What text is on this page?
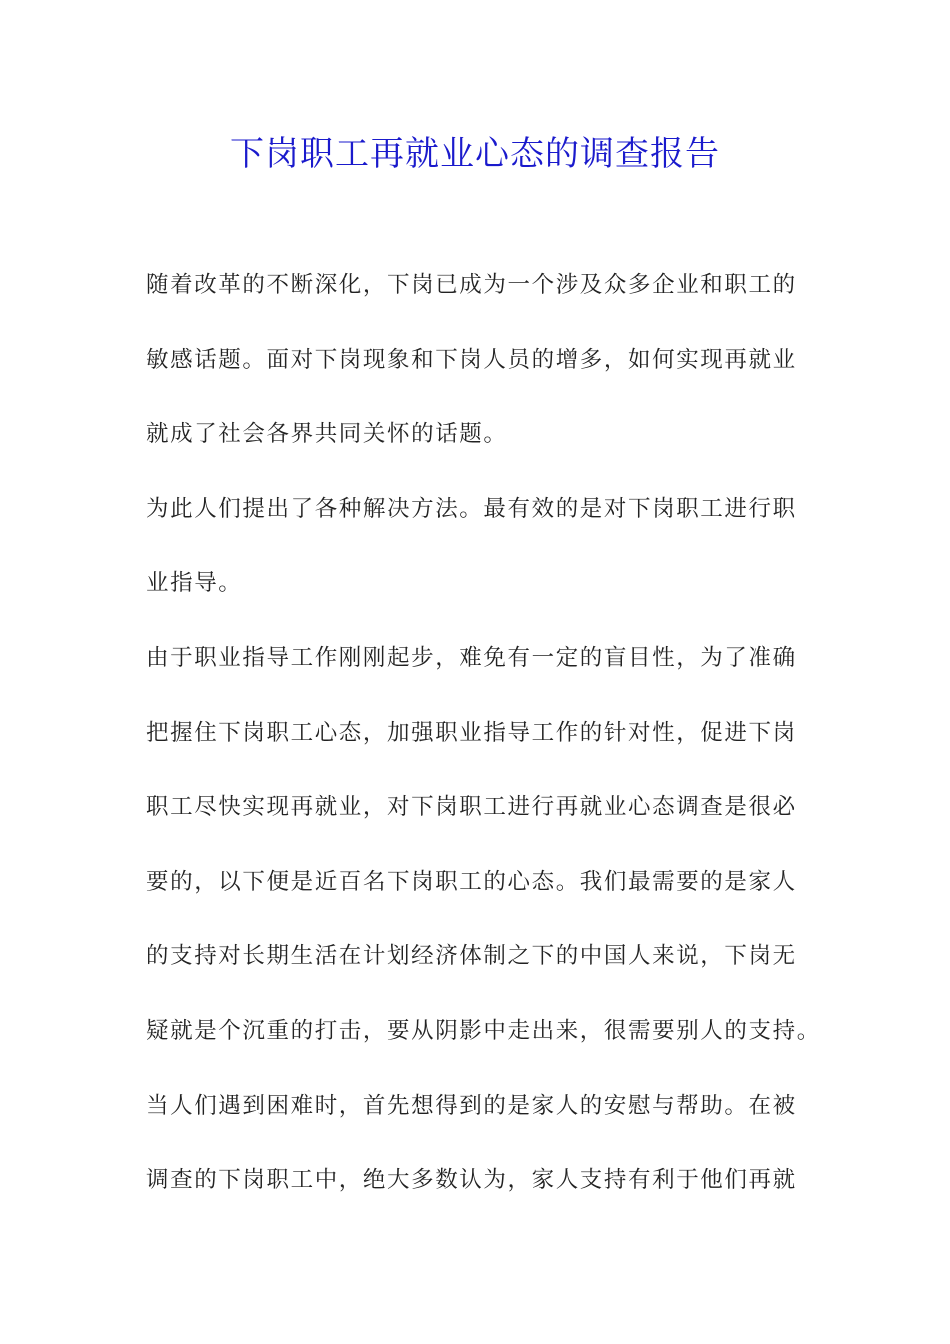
下岗职工再就业心态的调查报告
随着改革的不断深化，下岗已成为一个涉及众多企业和职工的
敏感话题。面对下岗现象和下岗人员的增多，如何实现再就业
就成了社会各界共同关怀的话题。
为此人们提出了各种解决方法。最有效的是对下岗职工进行职
业指导。
由于职业指导工作刚刚起步，难免有一定的盲目性，为了准确
把握住下岗职工心态，加强职业指导工作的针对性，促进下岗
职工尽快实现再就业，对下岗职工进行再就业心态调查是很必
要的，以下便是近百名下岗职工的心态。我们最需要的是家人
的支持对长期生活在计划经济体制之下的中国人来说，下岗无
疑就是个沉重的打击，要从阴影中走出来，很需要别人的支持。
当人们遇到困难时，首先想得到的是家人的安慰与帮助。在被
调查的下岗职工中，绝大多数认为，家人支持有利于他们再就
